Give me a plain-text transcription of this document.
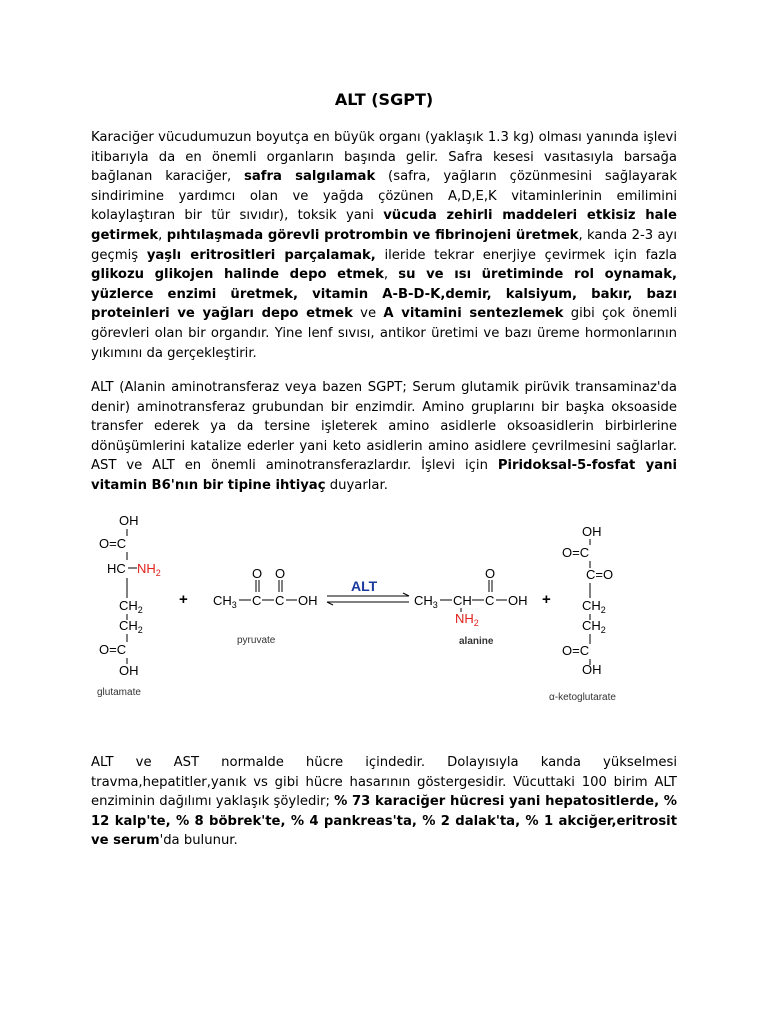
ALT (SGPT)

Karaciğer vücudumuzun boyutça en büyük organı (yaklaşık 1.3 kg) olması yanında işlevi itibarıyla da en önemli organların başında gelir. Safra kesesi vasıtasıyla barsağa bağlanan karaciğer, safra salgılamak (safra, yağların çözünmesini sağlayarak sindirimine yardımcı olan ve yağda çözünen A,D,E,K vitaminlerinin emilimini kolaylaştıran bir tür sıvıdır), toksik yani vücuda zehirli maddeleri etkisiz hale getirmek, pıhtılaşmada görevli protrombin ve fibrinojeni üretmek, kanda 2-3 ayı geçmiş yaşlı eritrositleri parçalamak, ileride tekrar enerjiye çevirmek için fazla glikozu glikojen halinde depo etmek, su ve ısı üretiminde rol oynamak, yüzlerce enzimi üretmek, vitamin A-B-D-K,demir, kalsiyum, bakır, bazı proteinleri ve yağları depo etmek ve A vitamini sentezlemek gibi çok önemli görevleri olan bir organdır. Yine lenf sıvısı, antikor üretimi ve bazı üreme hormonlarının yıkımını da gerçekleştirir.

ALT (Alanin aminotransferaz veya bazen SGPT; Serum glutamik pirüvik transaminaz'da denir) aminotransferaz grubundan bir enzimdir. Amino gruplarını bir başka oksoaside transfer ederek ya da tersine işleterek amino asidlerle oksoasidlerin birbirlerine dönüşümlerini katalize ederler yani keto asidlerin amino asidlere çevrilmesini sağlarlar. AST ve ALT en önemli aminotransferazlardır. İşlevi için Piridoksal-5-fosfat yani vitamin B6'nın bir tipine ihtiyaç duyarlar.

ALT ve AST normalde hücre içindedir. Dolayısıyla kanda yükselmesi travma,hepatitler,yanık vs gibi hücre hasarının göstergesidir. Vücuttaki 100 birim ALT enziminin dağılımı yaklaşık şöyledir; % 73 karaciğer hücresi yani hepatositlerde, % 12 kalp'te, % 8 böbrek'te, % 4 pankreas'ta, % 2 dalak'ta, % 1 akciğer,eritrosit ve serum'da bulunur.

OH
O=C
HC $NH_2$
$CH_2$
$CH_2$
O=C
OH
glutamate
+ $CH_3$ C C
O
O
OH
pyruvate
ALT
$CH_3$ CH
$NH_2$
C
O
OH
alanine
+
OH
O=C
C=O
$CH_2$
$CH_2$
O=C
OH
α-ketoglutarate
